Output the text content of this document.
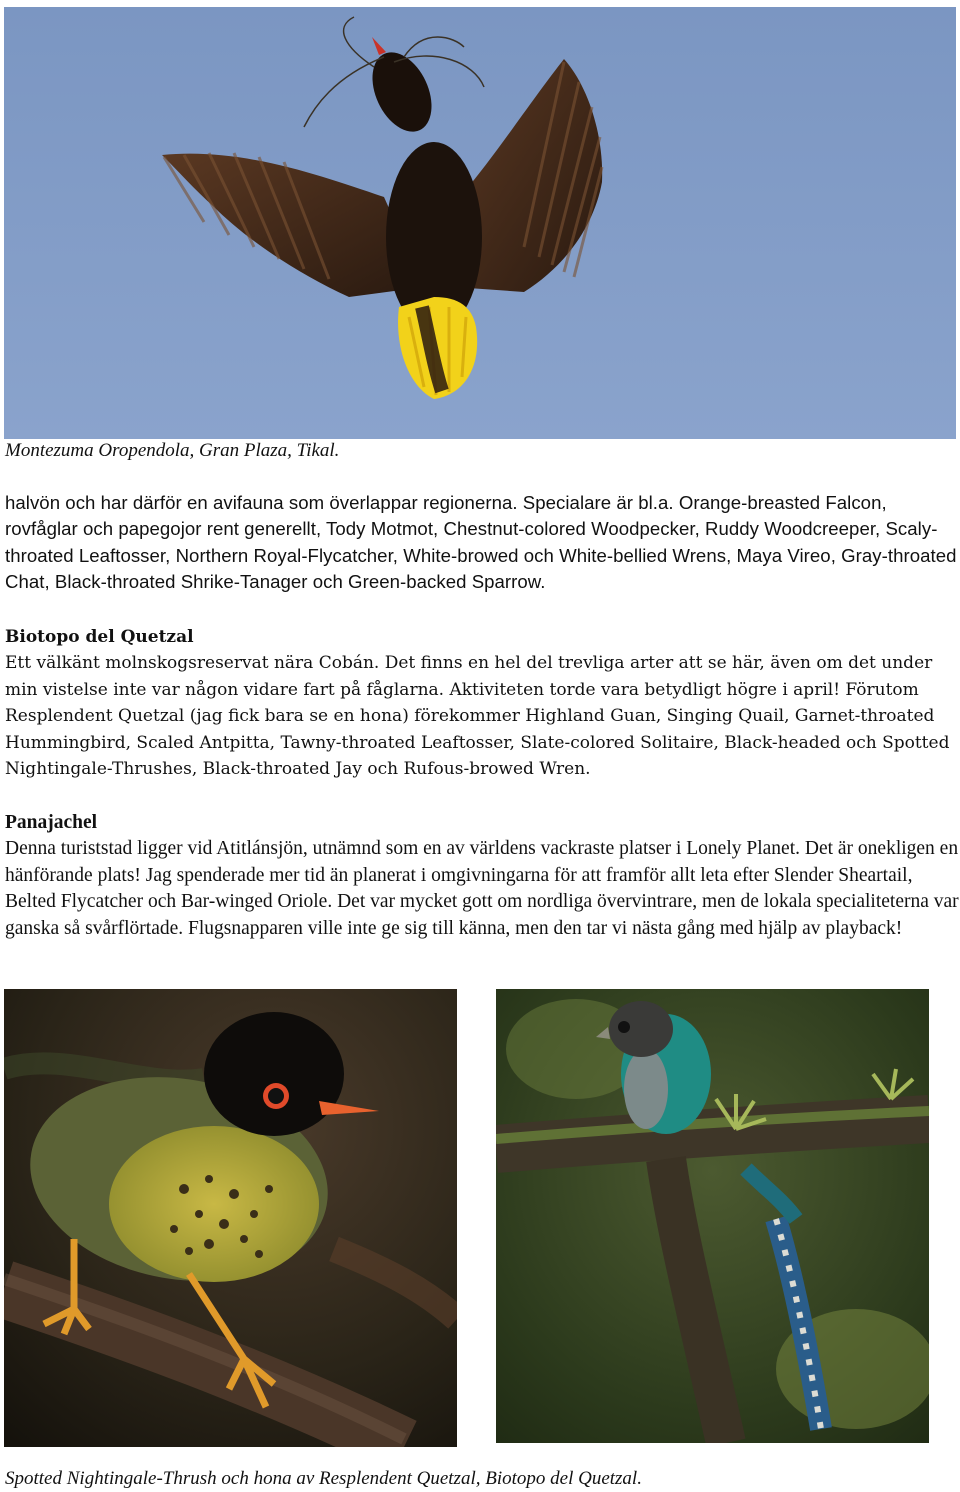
Montezuma Oropendola, Gran Plaza, Tikal.

halvön och har därför en avifauna som överlappar regionerna. Specialare är bl.a. Orange-breasted Falcon, rovfåglar och papegojor rent generellt, Tody Motmot, Chestnut-colored Woodpecker, Ruddy Woodcreeper, Scaly-throated Leaftosser, Northern Royal-Flycatcher, White-browed och White-bellied Wrens, Maya Vireo, Gray-throated Chat, Black-throated Shrike-Tanager och Green-backed Sparrow.

Biotopo del Quetzal

Ett välkänt molnskogsreservat nära Cobán. Det finns en hel del trevliga arter att se här, även om det under min vistelse inte var någon vidare fart på fåglarna. Aktiviteten torde vara betydligt högre i april! Förutom Resplendent Quetzal (jag fick bara se en hona) förekommer Highland Guan, Singing Quail, Garnet-throated Hummingbird, Scaled Antpitta, Tawny-throated Leaftosser, Slate-colored Solitaire, Black-headed och Spotted Nightingale-Thrushes, Black-throated Jay och Rufous-browed Wren.

Panajachel

Denna turiststad ligger vid Atitlánsjön, utnämnd som en av världens vackraste platser i Lonely Planet. Det är onekligen en hänförande plats! Jag spenderade mer tid än planerat i omgivningarna för att framför allt leta efter Slender Sheartail, Belted Flycatcher och Bar-winged Oriole. Det var mycket gott om nordliga övervintrare, men de lokala specialiteterna var ganska så svårflörtade. Flugsnapparen ville inte ge sig till känna, men den tar vi nästa gång med hjälp av playback!

Spotted Nightingale-Thrush och hona av Resplendent Quetzal, Biotopo del Quetzal.
